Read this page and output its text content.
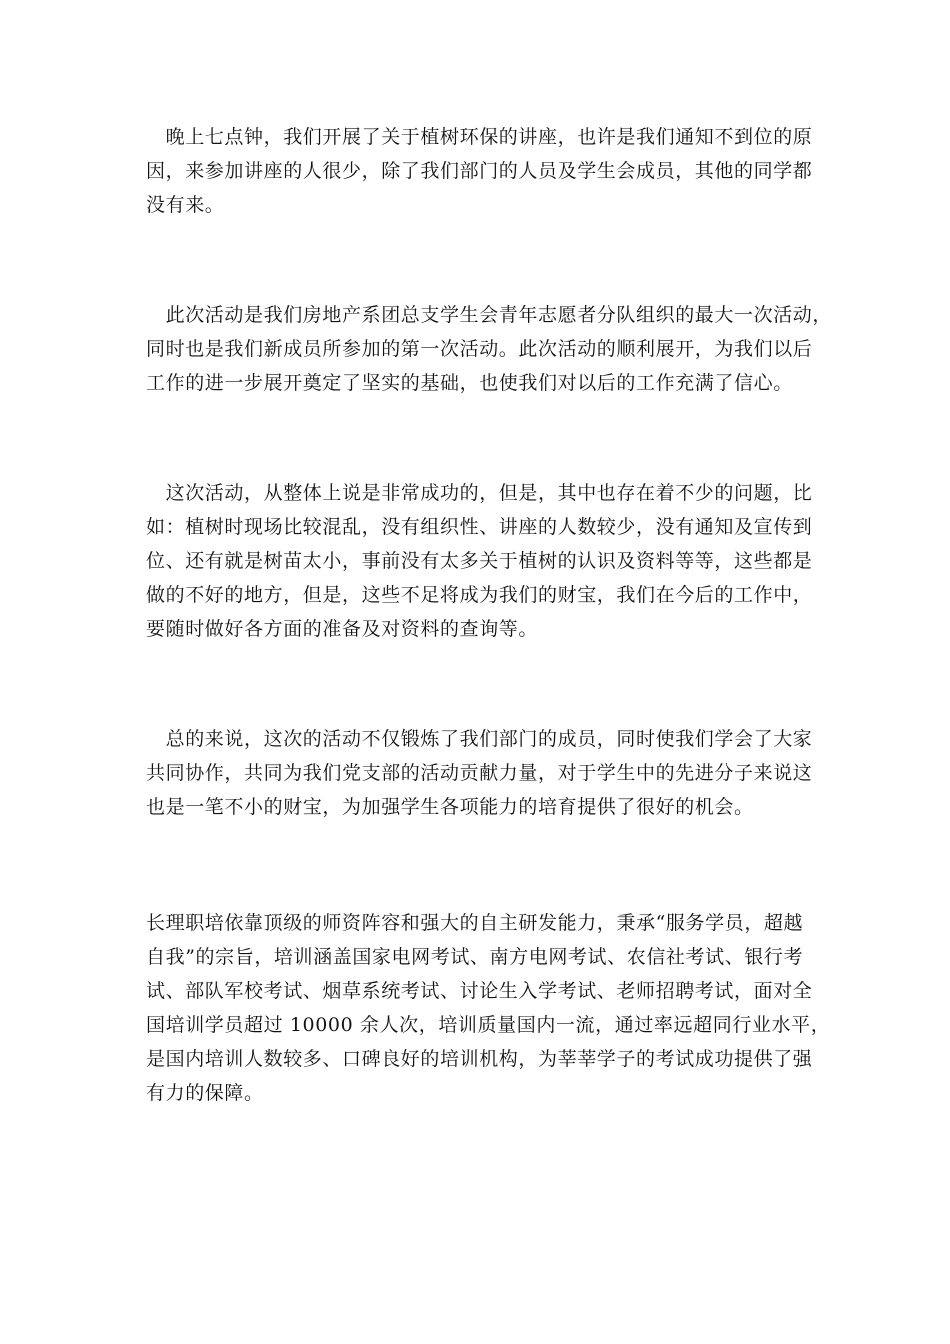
　晚上七点钟，我们开展了关于植树环保的讲座，也许是我们通知不到位的原
因，来参加讲座的人很少，除了我们部门的人员及学生会成员，其他的同学都
没有来。
　此次活动是我们房地产系团总支学生会青年志愿者分队组织的最大一次活动，
同时也是我们新成员所参加的第一次活动。此次活动的顺利展开，为我们以后
工作的进一步展开奠定了坚实的基础，也使我们对以后的工作充满了信心。
　这次活动，从整体上说是非常成功的，但是，其中也存在着不少的问题，比
如：植树时现场比较混乱，没有组织性、讲座的人数较少，没有通知及宣传到
位、还有就是树苗太小，事前没有太多关于植树的认识及资料等等，这些都是
做的不好的地方，但是，这些不足将成为我们的财宝，我们在今后的工作中，
要随时做好各方面的准备及对资料的查询等。
　总的来说，这次的活动不仅锻炼了我们部门的成员，同时使我们学会了大家
共同协作，共同为我们党支部的活动贡献力量，对于学生中的先进分子来说这
也是一笔不小的财宝，为加强学生各项能力的培育提供了很好的机会。
长理职培依靠顶级的师资阵容和强大的自主研发能力，秉承“服务学员，超越
自我”的宗旨，培训涵盖国家电网考试、南方电网考试、农信社考试、银行考
试、部队军校考试、烟草系统考试、讨论生入学考试、老师招聘考试，面对全
国培训学员超过 10000 余人次，培训质量国内一流，通过率远超同行业水平，
是国内培训人数较多、口碑良好的培训机构，为莘莘学子的考试成功提供了强
有力的保障。
